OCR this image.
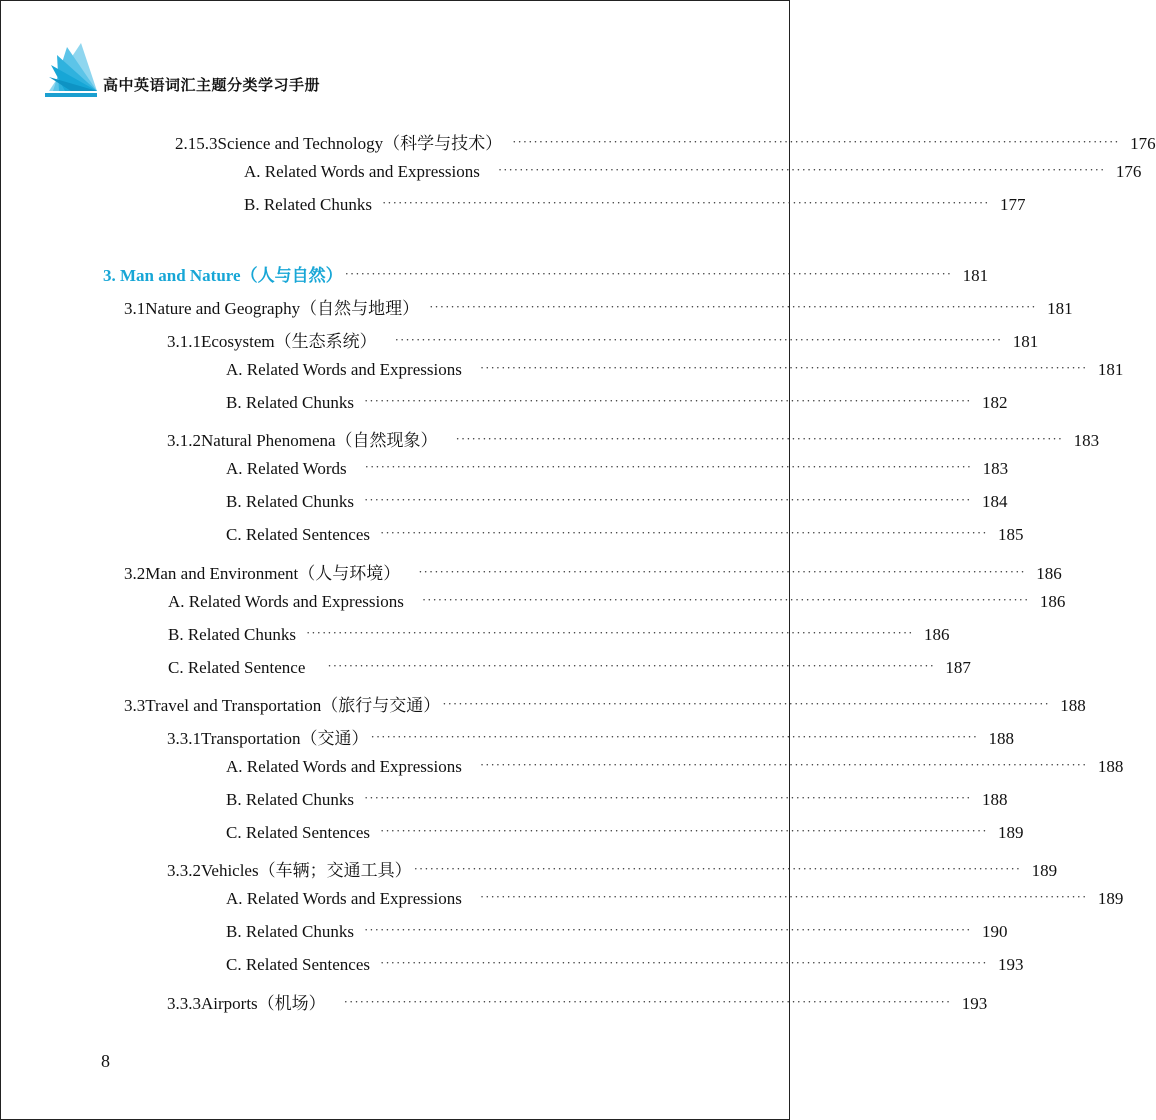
高中英语词汇主题分类学习手册
2.15.3 Science and Technology（科学与技术） ·················································································································· 176
A. Related Words and Expressions ·················································································································· 176
B. Related Chunks ·················································································································· 177
3. Man and Nature（人与自然） ·················································································································· 181
3.1 Nature and Geography（自然与地理） ·················································································································· 181
3.1.1 Ecosystem（生态系统） ·················································································································· 181
A. Related Words and Expressions ·················································································································· 181
B. Related Chunks ·················································································································· 182
3.1.2 Natural Phenomena（自然现象） ·················································································································· 183
A. Related Words ·················································································································· 183
B. Related Chunks ·················································································································· 184
C. Related Sentences ·················································································································· 185
3.2 Man and Environment（人与环境） ·················································································································· 186
A. Related Words and Expressions ·················································································································· 186
B. Related Chunks ·················································································································· 186
C. Related Sentence ·················································································································· 187
3.3 Travel and Transportation（旅行与交通） ·················································································································· 188
3.3.1 Transportation（交通） ·················································································································· 188
A. Related Words and Expressions ·················································································································· 188
B. Related Chunks ·················································································································· 188
C. Related Sentences ·················································································································· 189
3.3.2 Vehicles（车辆；交通工具） ·················································································································· 189
A. Related Words and Expressions ·················································································································· 189
B. Related Chunks ·················································································································· 190
C. Related Sentences ·················································································································· 193
3.3.3 Airports（机场） ·················································································································· 193
8
